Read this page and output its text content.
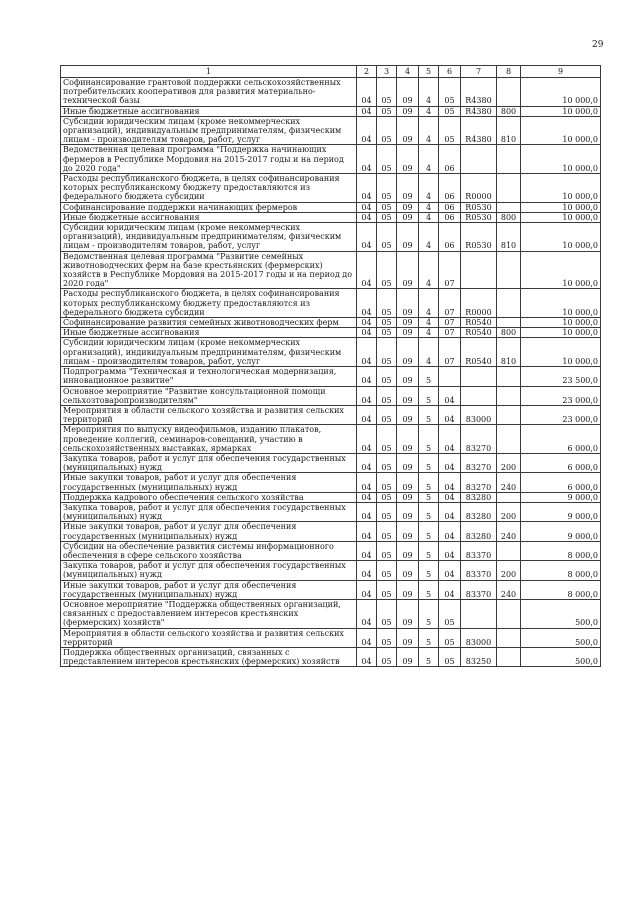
29
1	2	3	4	5	6	7	8	9
Софинансирование грантовой поддержки сельскохозяйственных потребительских кооперативов для развития материально-технической базы	04	05	09	4	05	R4380		10 000,0
Иные бюджетные ассигнования	04	05	09	4	05	R4380	800	10 000,0
Субсидии юридическим лицам (кроме некоммерческих организаций), индивидуальным предпринимателям, физическим лицам - производителям товаров, работ, услуг	04	05	09	4	05	R4380	810	10 000,0
Ведомственная целевая программа "Поддержка начинающих фермеров в Республике Мордовия на 2015-2017 годы и на период до 2020 года"	04	05	09	4	06			10 000,0
Расходы республиканского бюджета, в целях софинансирования которых республиканскому бюджету предоставляются из федерального бюджета субсидии	04	05	09	4	06	R0000		10 000,0
Софинансирование поддержки начинающих фермеров	04	05	09	4	06	R0530		10 000,0
Иные бюджетные ассигнования	04	05	09	4	06	R0530	800	10 000,0
Субсидии юридическим лицам (кроме некоммерческих организаций), индивидуальным предпринимателям, физическим лицам - производителям товаров, работ, услуг	04	05	09	4	06	R0530	810	10 000,0
Ведомственная целевая программа "Развитие семейных животноводческих ферм на базе крестьянских (фермерских) хозяйств в Республике Мордовия на 2015-2017 годы и на период до 2020 года"	04	05	09	4	07			10 000,0
Расходы республиканского бюджета, в целях софинансирования которых республиканскому бюджету предоставляются из федерального бюджета субсидии	04	05	09	4	07	R0000		10 000,0
Софинансирование развития семейных животноводческих ферм	04	05	09	4	07	R0540		10 000,0
Иные бюджетные ассигнования	04	05	09	4	07	R0540	800	10 000,0
Субсидии юридическим лицам (кроме некоммерческих организаций), индивидуальным предпринимателям, физическим лицам - производителям товаров, работ, услуг	04	05	09	4	07	R0540	810	10 000,0
Подпрограмма "Техническая и технологическая модернизация, инновационное развитие"	04	05	09	5				23 500,0
Основное мероприятие "Развитие консультационной помощи сельхозтоваропроизводителям"	04	05	09	5	04			23 000,0
Мероприятия в области сельского хозяйства и развития сельских территорий	04	05	09	5	04	83000		23 000,0
Мероприятия по выпуску видеофильмов, изданию плакатов, проведение коллегий, семинаров-совещаний, участию в сельскохозяйственных выставках, ярмарках	04	05	09	5	04	83270		6 000,0
Закупка товаров, работ и услуг для обеспечения государственных (муниципальных) нужд	04	05	09	5	04	83270	200	6 000,0
Иные закупки товаров, работ и услуг для обеспечения государственных (муниципальных) нужд	04	05	09	5	04	83270	240	6 000,0
Поддержка кадрового обеспечения сельского хозяйства	04	05	09	5	04	83280		9 000,0
Закупка товаров, работ и услуг для обеспечения государственных (муниципальных) нужд	04	05	09	5	04	83280	200	9 000,0
Иные закупки товаров, работ и услуг для обеспечения государственных (муниципальных) нужд	04	05	09	5	04	83280	240	9 000,0
Субсидии на обеспечение развития системы информационного обеспечения в сфере сельского хозяйства	04	05	09	5	04	83370		8 000,0
Закупка товаров, работ и услуг для обеспечения государственных (муниципальных) нужд	04	05	09	5	04	83370	200	8 000,0
Иные закупки товаров, работ и услуг для обеспечения государственных (муниципальных) нужд	04	05	09	5	04	83370	240	8 000,0
Основное мероприятие "Поддержка общественных организаций, связанных с предоставлением интересов крестьянских (фермерских) хозяйств"	04	05	09	5	05			500,0
Мероприятия в области сельского хозяйства и развития сельских территорий	04	05	09	5	05	83000		500,0
Поддержка общественных организаций, связанных с представлением интересов крестьянских (фермерских) хозяйств	04	05	09	5	05	83250		500,0
